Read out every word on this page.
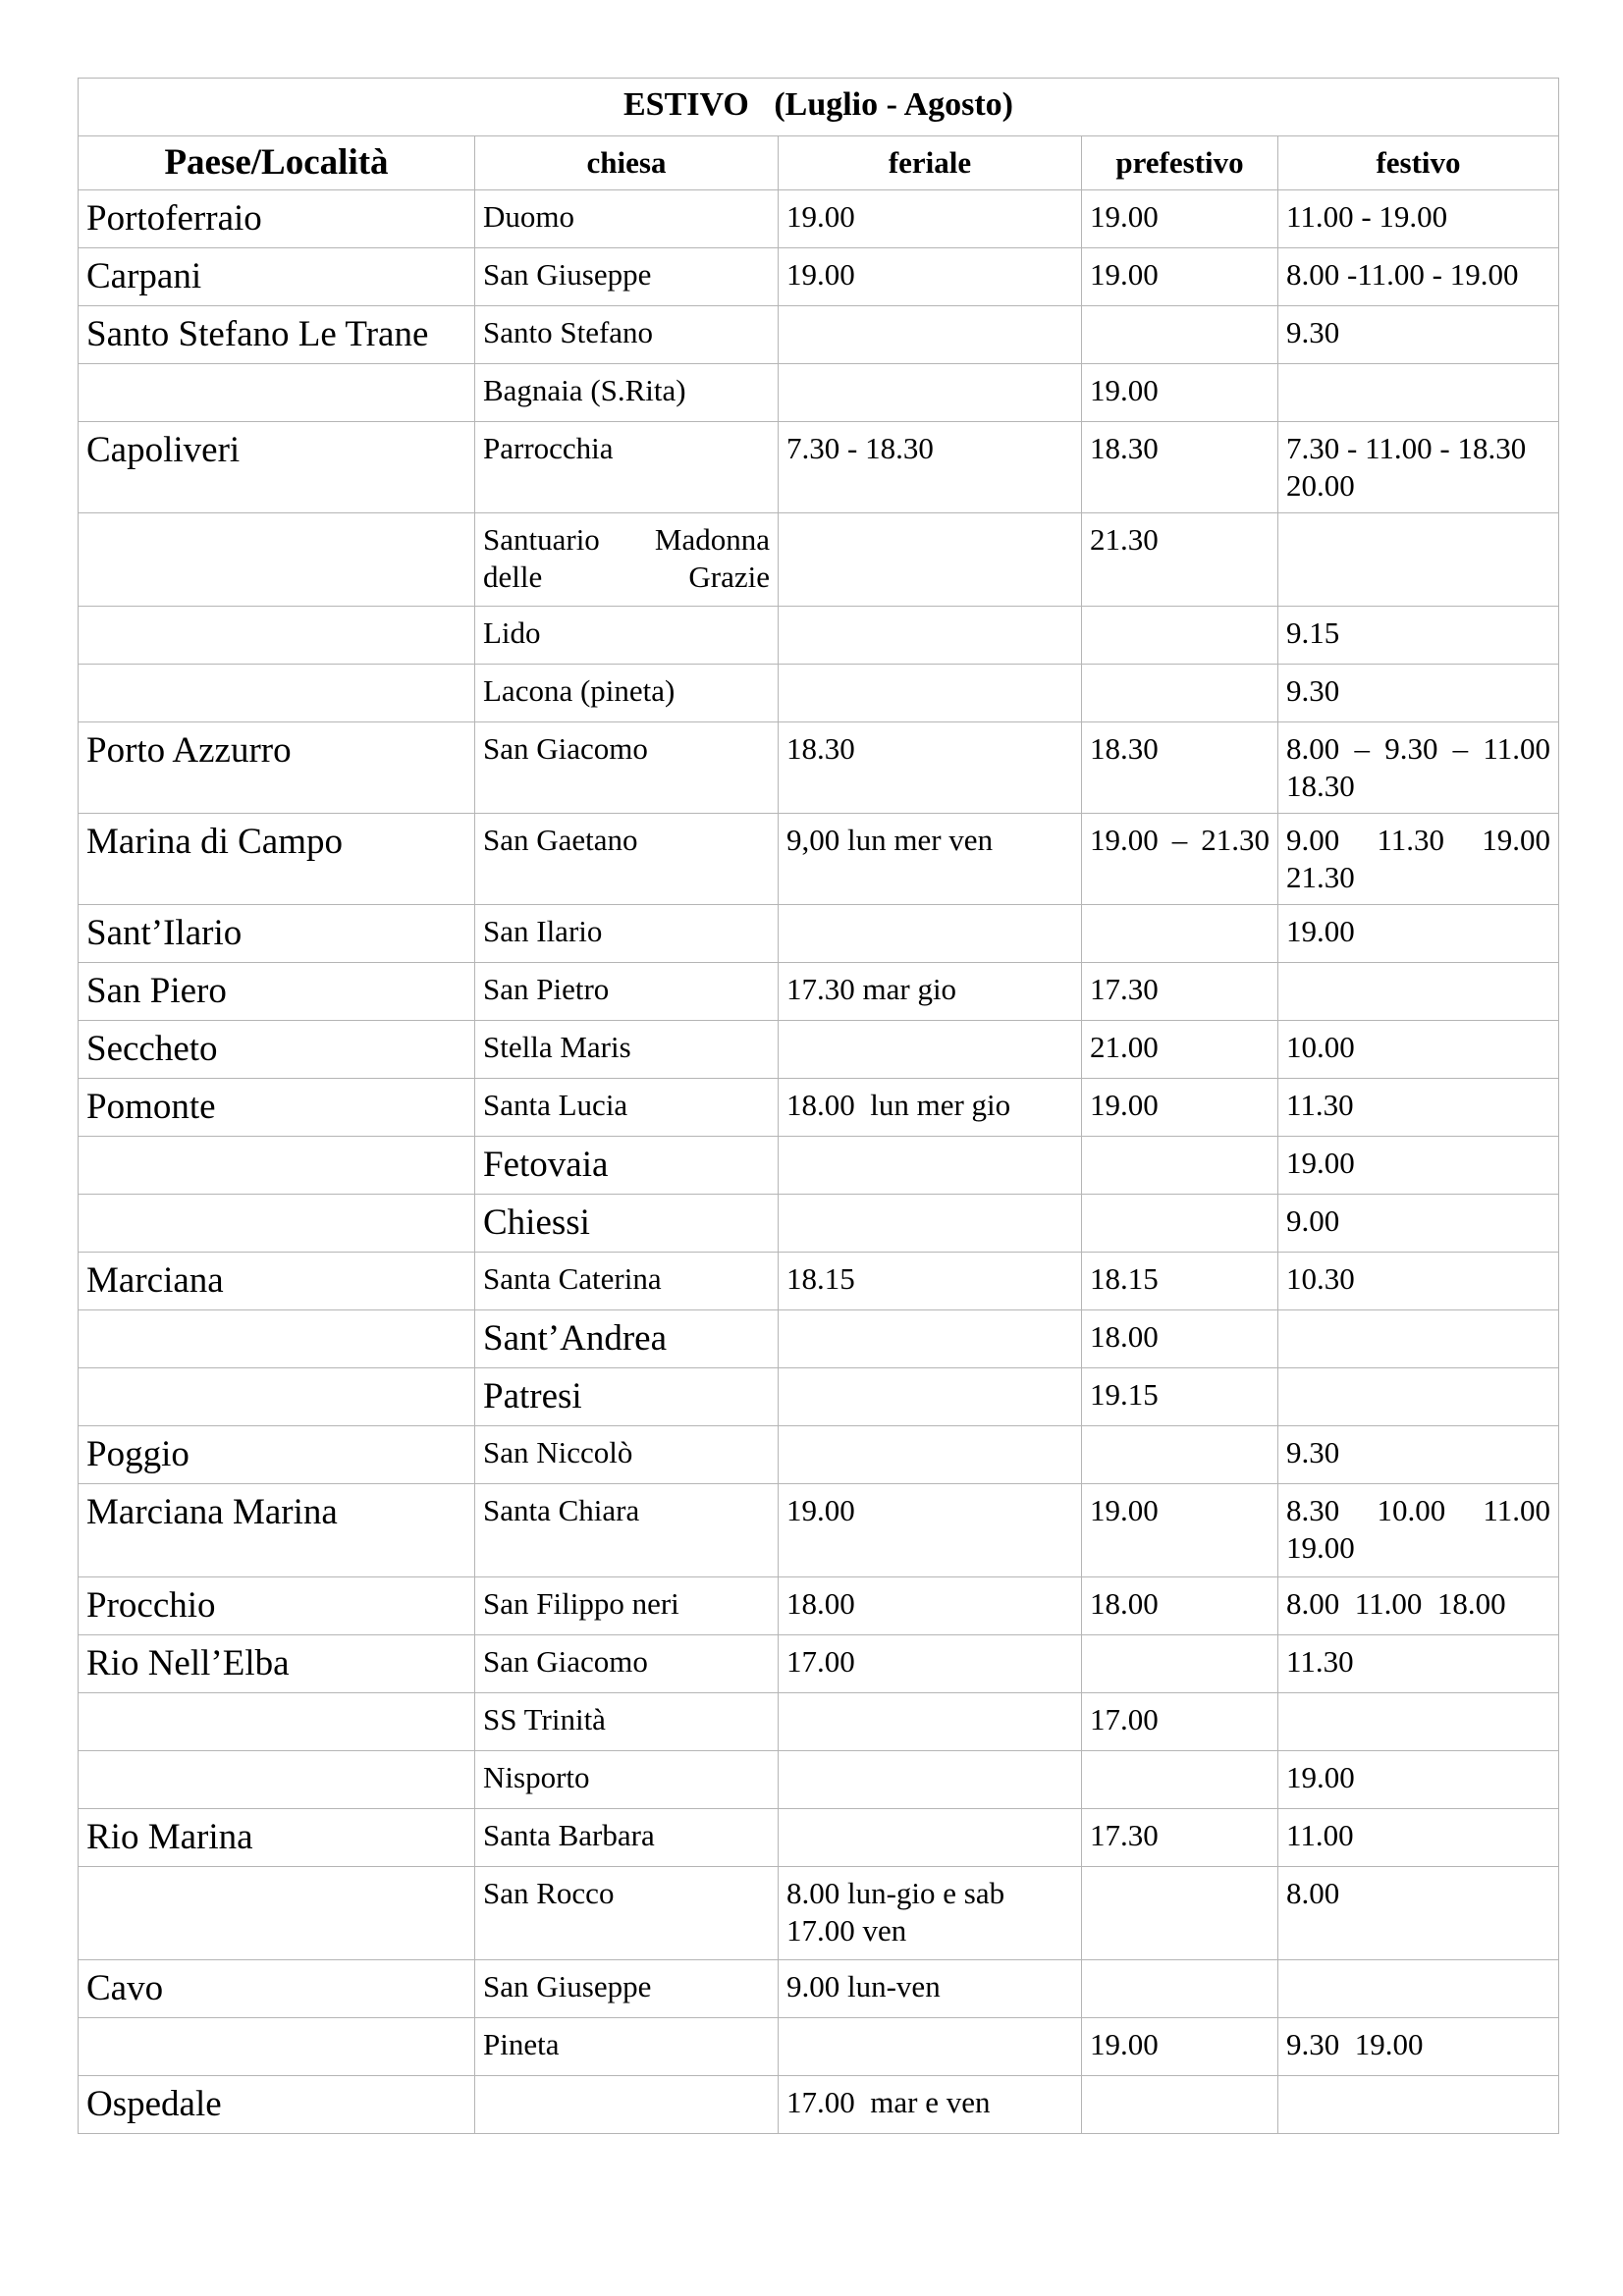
ESTIVO   (Luglio - Agosto)				
Paese/Località	chiesa	feriale	prefestivo	festivo
Portoferraio	Duomo	19.00	19.00	11.00 - 19.00
Carpani	San Giuseppe	19.00	19.00	8.00 -11.00 - 19.00
Santo Stefano Le Trane	Santo Stefano			9.30
	Bagnaia (S.Rita)		19.00	
Capoliveri	Parrocchia	7.30 - 18.30	18.30	7.30 - 11.00 - 18.30 20.00
	Santuario Madonna delle Grazie		21.30	
	Lido			9.15
	Lacona (pineta)			9.30
Porto Azzurro	San Giacomo	18.30	18.30	8.00 – 9.30 – 11.00 18.30
Marina di Campo	San Gaetano	9,00 lun mer ven	19.00 – 21.30	9.00 11.30 19.00 21.30
Sant’Ilario	San Ilario			19.00
San Piero	San Pietro	17.30 mar gio	17.30	
Seccheto	Stella Maris		21.00	10.00
Pomonte	Santa Lucia	18.00  lun mer gio	19.00	11.30
	Fetovaia			19.00
	Chiessi			9.00
Marciana	Santa Caterina	18.15	18.15	10.30
	Sant’Andrea		18.00	
	Patresi		19.15	
Poggio	San Niccolò			9.30
Marciana Marina	Santa Chiara	19.00	19.00	8.30 10.00 11.00 19.00
Procchio	San Filippo neri	18.00	18.00	8.00  11.00  18.00
Rio Nell’Elba	San Giacomo	17.00		11.30
	SS Trinità		17.00	
	Nisporto			19.00
Rio Marina	Santa Barbara		17.30	11.00
	San Rocco	8.00 lun-gio e sab 17.00 ven		8.00
Cavo	San Giuseppe	9.00 lun-ven		
	Pineta		19.00	9.30  19.00
Ospedale		17.00  mar e ven		
